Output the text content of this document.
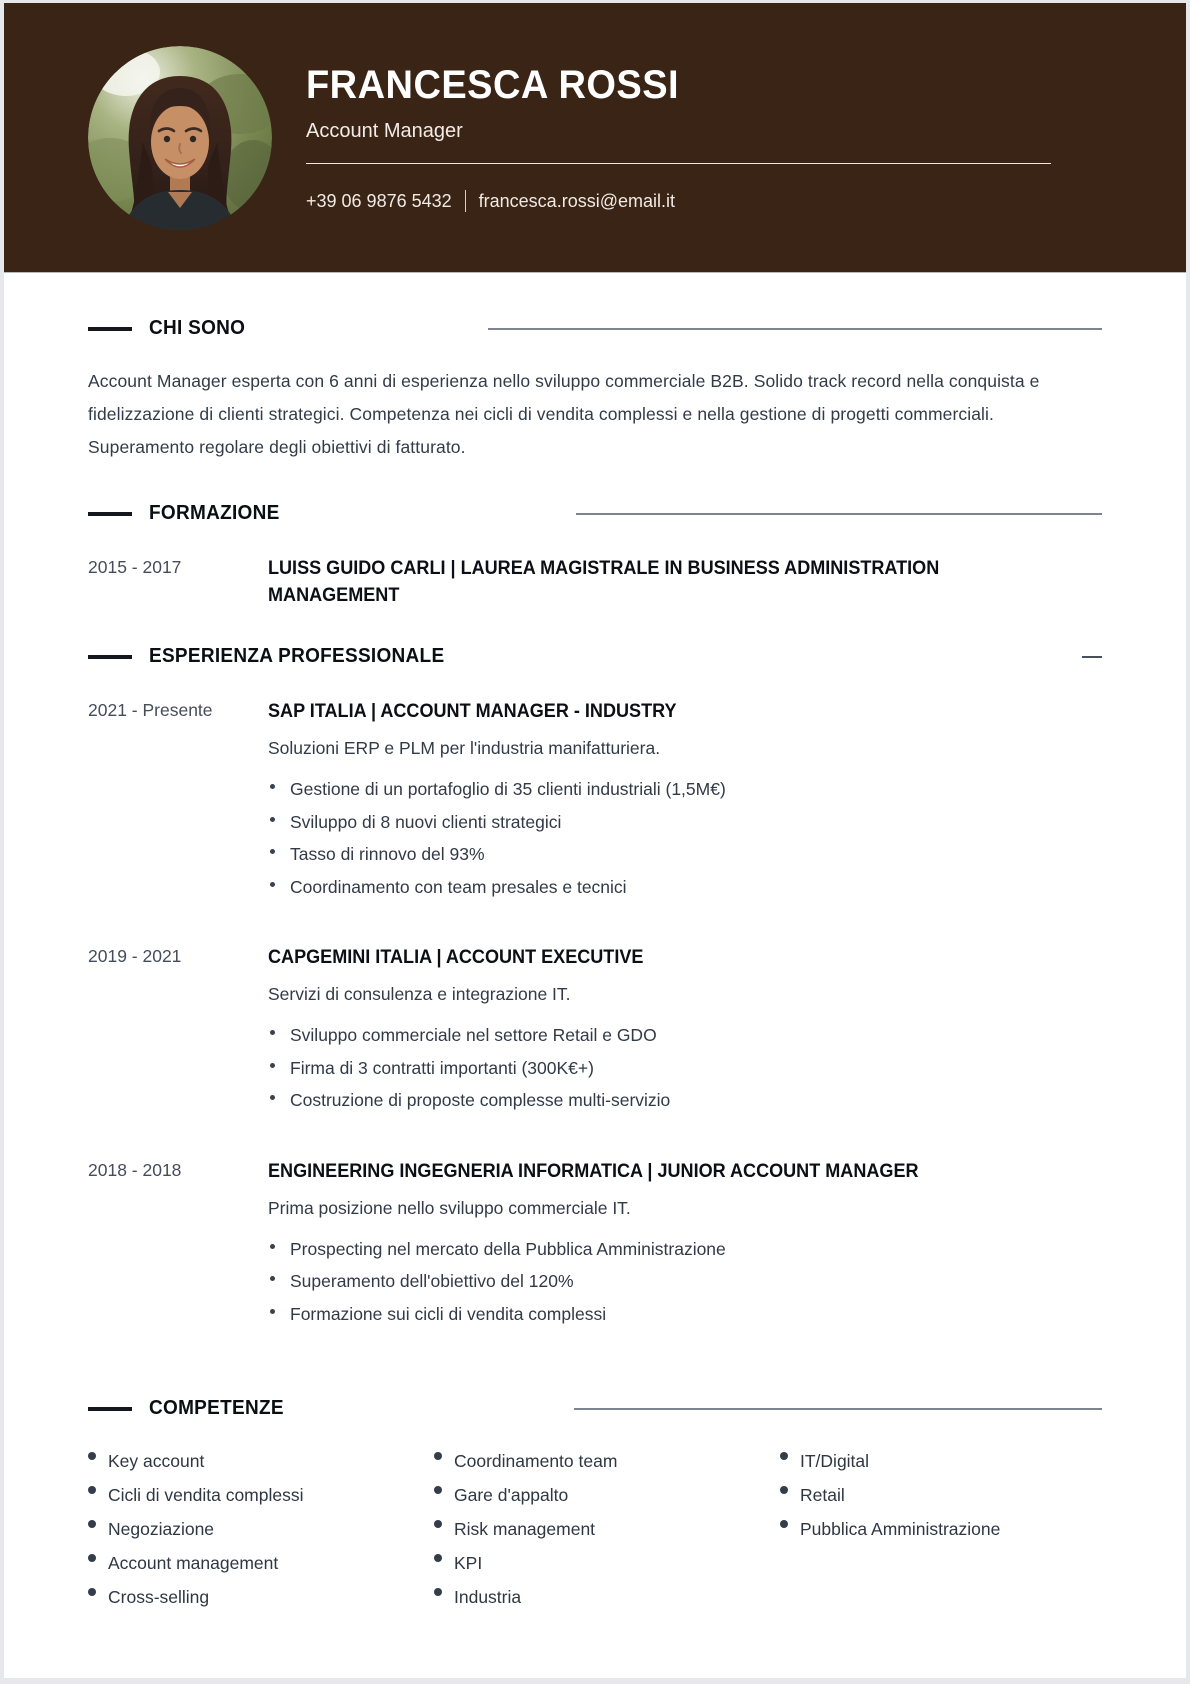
FRANCESCA ROSSI
Account Manager
+39 06 9876 5432 francesca.rossi@email.it
CHI SONO

Account Manager esperta con 6 anni di esperienza nello sviluppo commerciale B2B. Solido track record nella conquista e fidelizzazione di clienti strategici. Competenza nei cicli di vendita complessi e nella gestione di progetti commerciali. Superamento regolare degli obiettivi di fatturato.

FORMAZIONE
2015 - 2017	LUISS GUIDO CARLI | LAUREA MAGISTRALE IN BUSINESS ADMINISTRATION MANAGEMENT
ESPERIENZA PROFESSIONALE
2021 - Presente	SAP ITALIA | ACCOUNT MANAGER - INDUSTRY

Soluzioni ERP e PLM per l'industria manifatturiera.

Gestione di un portafoglio di 35 clienti industriali (1,5M€)
Sviluppo di 8 nuovi clienti strategici
Tasso di rinnovo del 93%
Coordinamento con team presales e tecnici
2019 - 2021	CAPGEMINI ITALIA | ACCOUNT EXECUTIVE

Servizi di consulenza e integrazione IT.

Sviluppo commerciale nel settore Retail e GDO
Firma di 3 contratti importanti (300K€+)
Costruzione di proposte complesse multi-servizio
2018 - 2018	ENGINEERING INGEGNERIA INFORMATICA | JUNIOR ACCOUNT MANAGER

Prima posizione nello sviluppo commerciale IT.

Prospecting nel mercato della Pubblica Amministrazione
Superamento dell'obiettivo del 120%
Formazione sui cicli di vendita complessi
COMPETENZE
Key account
Cicli di vendita complessi
Negoziazione
Account management
Cross-selling
Coordinamento team
Gare d'appalto
Risk management
KPI
Industria
IT/Digital
Retail
Pubblica Amministrazione
